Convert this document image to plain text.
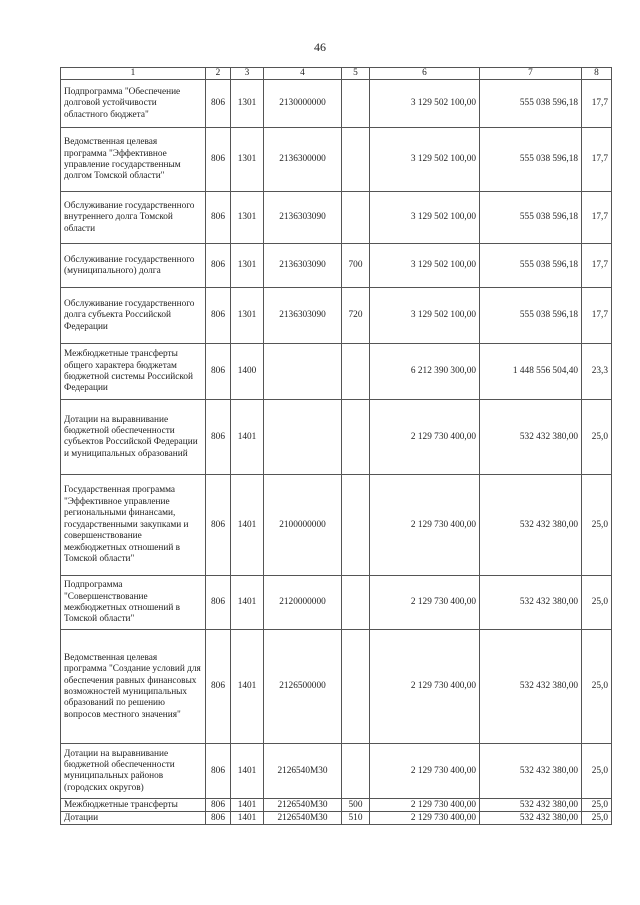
46
1	2	3	4	5	6	7	8
Подпрограмма "Обеспечение долговой устойчивости областного бюджета"	806	1301	2130000000		3 129 502 100,00	555 038 596,18	17,7
Ведомственная целевая программа "Эффективное управление государственным долгом Томской области"	806	1301	2136300000		3 129 502 100,00	555 038 596,18	17,7
Обслуживание государственного внутреннего долга Томской области	806	1301	2136303090		3 129 502 100,00	555 038 596,18	17,7
Обслуживание государственного (муниципального) долга	806	1301	2136303090	700	3 129 502 100,00	555 038 596,18	17,7
Обслуживание государственного долга субъекта Российской Федерации	806	1301	2136303090	720	3 129 502 100,00	555 038 596,18	17,7
Межбюджетные трансферты общего характера бюджетам бюджетной системы Российской Федерации	806	1400			6 212 390 300,00	1 448 556 504,40	23,3
Дотации на выравнивание бюджетной обеспеченности субъектов Российской Федерации и муниципальных образований	806	1401			2 129 730 400,00	532 432 380,00	25,0
Государственная программа "Эффективное управление региональными финансами, государственными закупками и совершенствование межбюджетных отношений в Томской области"	806	1401	2100000000		2 129 730 400,00	532 432 380,00	25,0
Подпрограмма "Совершенствование межбюджетных отношений в Томской области"	806	1401	2120000000		2 129 730 400,00	532 432 380,00	25,0
Ведомственная целевая программа "Создание условий для обеспечения равных финансовых возможностей муниципальных образований по решению вопросов местного значения"	806	1401	2126500000		2 129 730 400,00	532 432 380,00	25,0
Дотации на выравнивание бюджетной обеспеченности муниципальных районов (городских округов)	806	1401	2126540М30		2 129 730 400,00	532 432 380,00	25,0
Межбюджетные трансферты	806	1401	2126540М30	500	2 129 730 400,00	532 432 380,00	25,0
Дотации	806	1401	2126540М30	510	2 129 730 400,00	532 432 380,00	25,0
